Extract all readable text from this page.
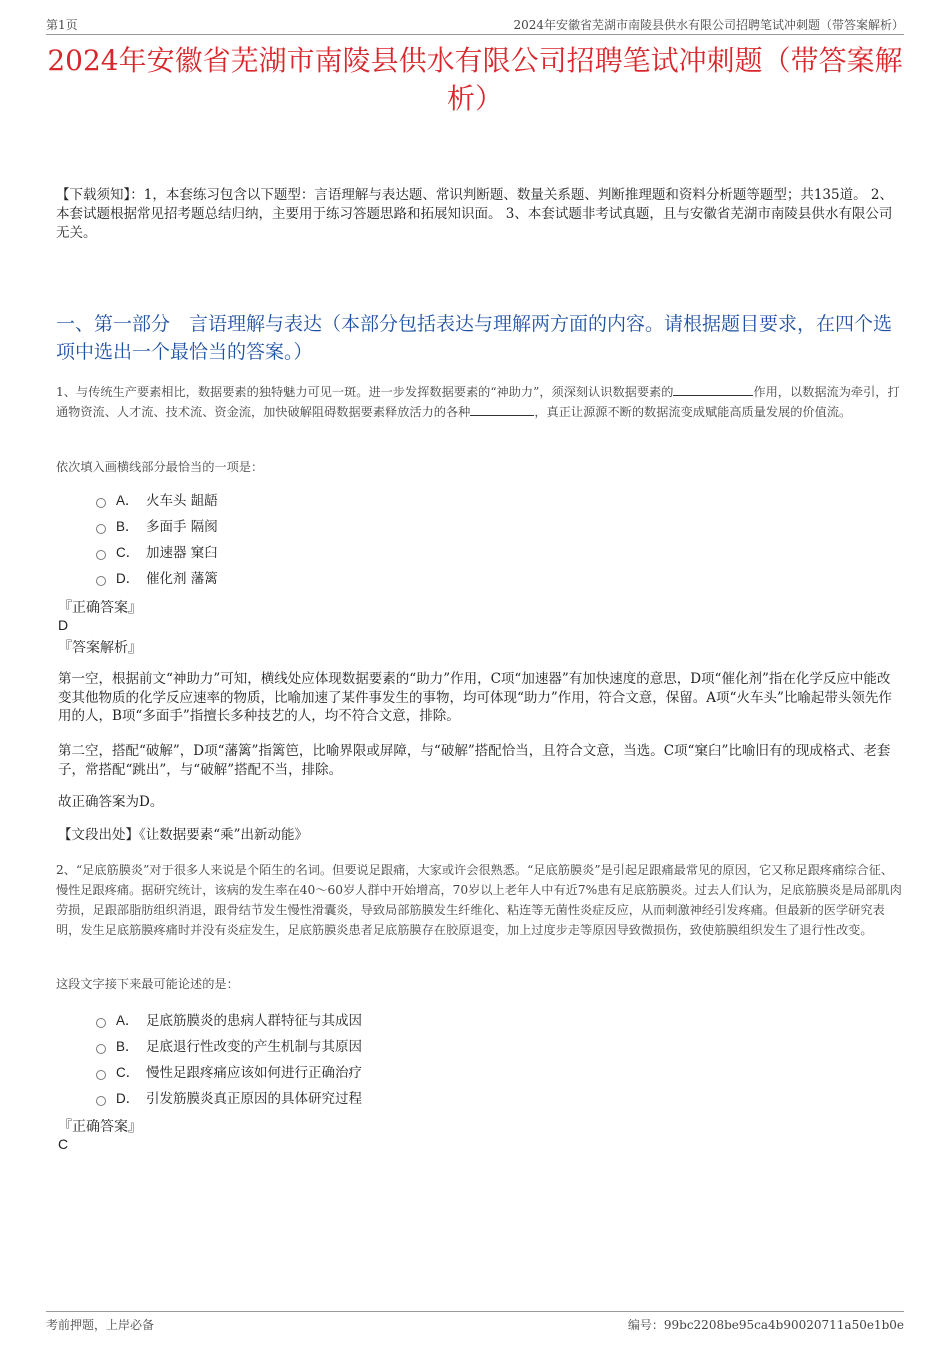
第1页	2024年安徽省芜湖市南陵县供水有限公司招聘笔试冲刺题（带答案解析）
2024年安徽省芜湖市南陵县供水有限公司招聘笔试冲刺题（带答案解析）
【下载须知】：1，本套练习包含以下题型：言语理解与表达题、常识判断题、数量关系题、判断推理题和资料分析题等题型；共135道。 2、本套试题根据常见招考题总结归纳，主要用于练习答题思路和拓展知识面。 3、本套试题非考试真题，且与安徽省芜湖市南陵县供水有限公司无关。
一、第一部分　言语理解与表达（本部分包括表达与理解两方面的内容。请根据题目要求，在四个选项中选出一个最恰当的答案。）
1、与传统生产要素相比，数据要素的独特魅力可见一斑。进一步发挥数据要素的“神助力”，须深刻认识数据要素的	作用，以数据流为牵引，打通物资流、人才流、技术流、资金流，加快破解阻碍数据要素释放活力的各种	，真正让源源不断的数据流变成赋能高质量发展的价值流。
依次填入画横线部分最恰当的一项是：
A． 火车头 龃龉
B． 多面手 隔阂
C． 加速器 窠臼
D． 催化剂 藩篱
『正确答案』
D
『答案解析』
第一空，根据前文“神助力”可知，横线处应体现数据要素的“助力”作用，C项“加速器”有加快速度的意思，D项“催化剂”指在化学反应中能改变其他物质的化学反应速率的物质，比喻加速了某件事发生的事物，均可体现“助力”作用，符合文意，保留。A项“火车头”比喻起带头领先作用的人，B项“多面手”指擅长多种技艺的人，均不符合文意，排除。
第二空，搭配“破解”，D项“藩篱”指篱笆，比喻界限或屏障，与“破解”搭配恰当，且符合文意，当选。C项“窠臼”比喻旧有的现成格式、老套子，常搭配“跳出”，与“破解”搭配不当，排除。
故正确答案为D。
【文段出处】《让数据要素“乘”出新动能》
2、“足底筋膜炎”对于很多人来说是个陌生的名词。但要说足跟痛，大家或许会很熟悉。“足底筋膜炎”是引起足跟痛最常见的原因，它又称足跟疼痛综合征、慢性足跟疼痛。据研究统计，该病的发生率在40～60岁人群中开始增高，70岁以上老年人中有近7%患有足底筋膜炎。过去人们认为，足底筋膜炎是局部肌肉劳损，足跟部脂肪组织消退，跟骨结节发生慢性滑囊炎，导致局部筋膜发生纤维化、粘连等无菌性炎症反应，从而刺激神经引发疼痛。但最新的医学研究表明，发生足底筋膜疼痛时并没有炎症发生，足底筋膜炎患者足底筋膜存在胶原退变，加上过度步走等原因导致微损伤，致使筋膜组织发生了退行性改变。
这段文字接下来最可能论述的是：
A． 足底筋膜炎的患病人群特征与其成因
B． 足底退行性改变的产生机制与其原因
C． 慢性足跟疼痛应该如何进行正确治疗
D． 引发筋膜炎真正原因的具体研究过程
『正确答案』
C
考前押题，上岸必备	编号：99bc2208be95ca4b90020711a50e1b0e
